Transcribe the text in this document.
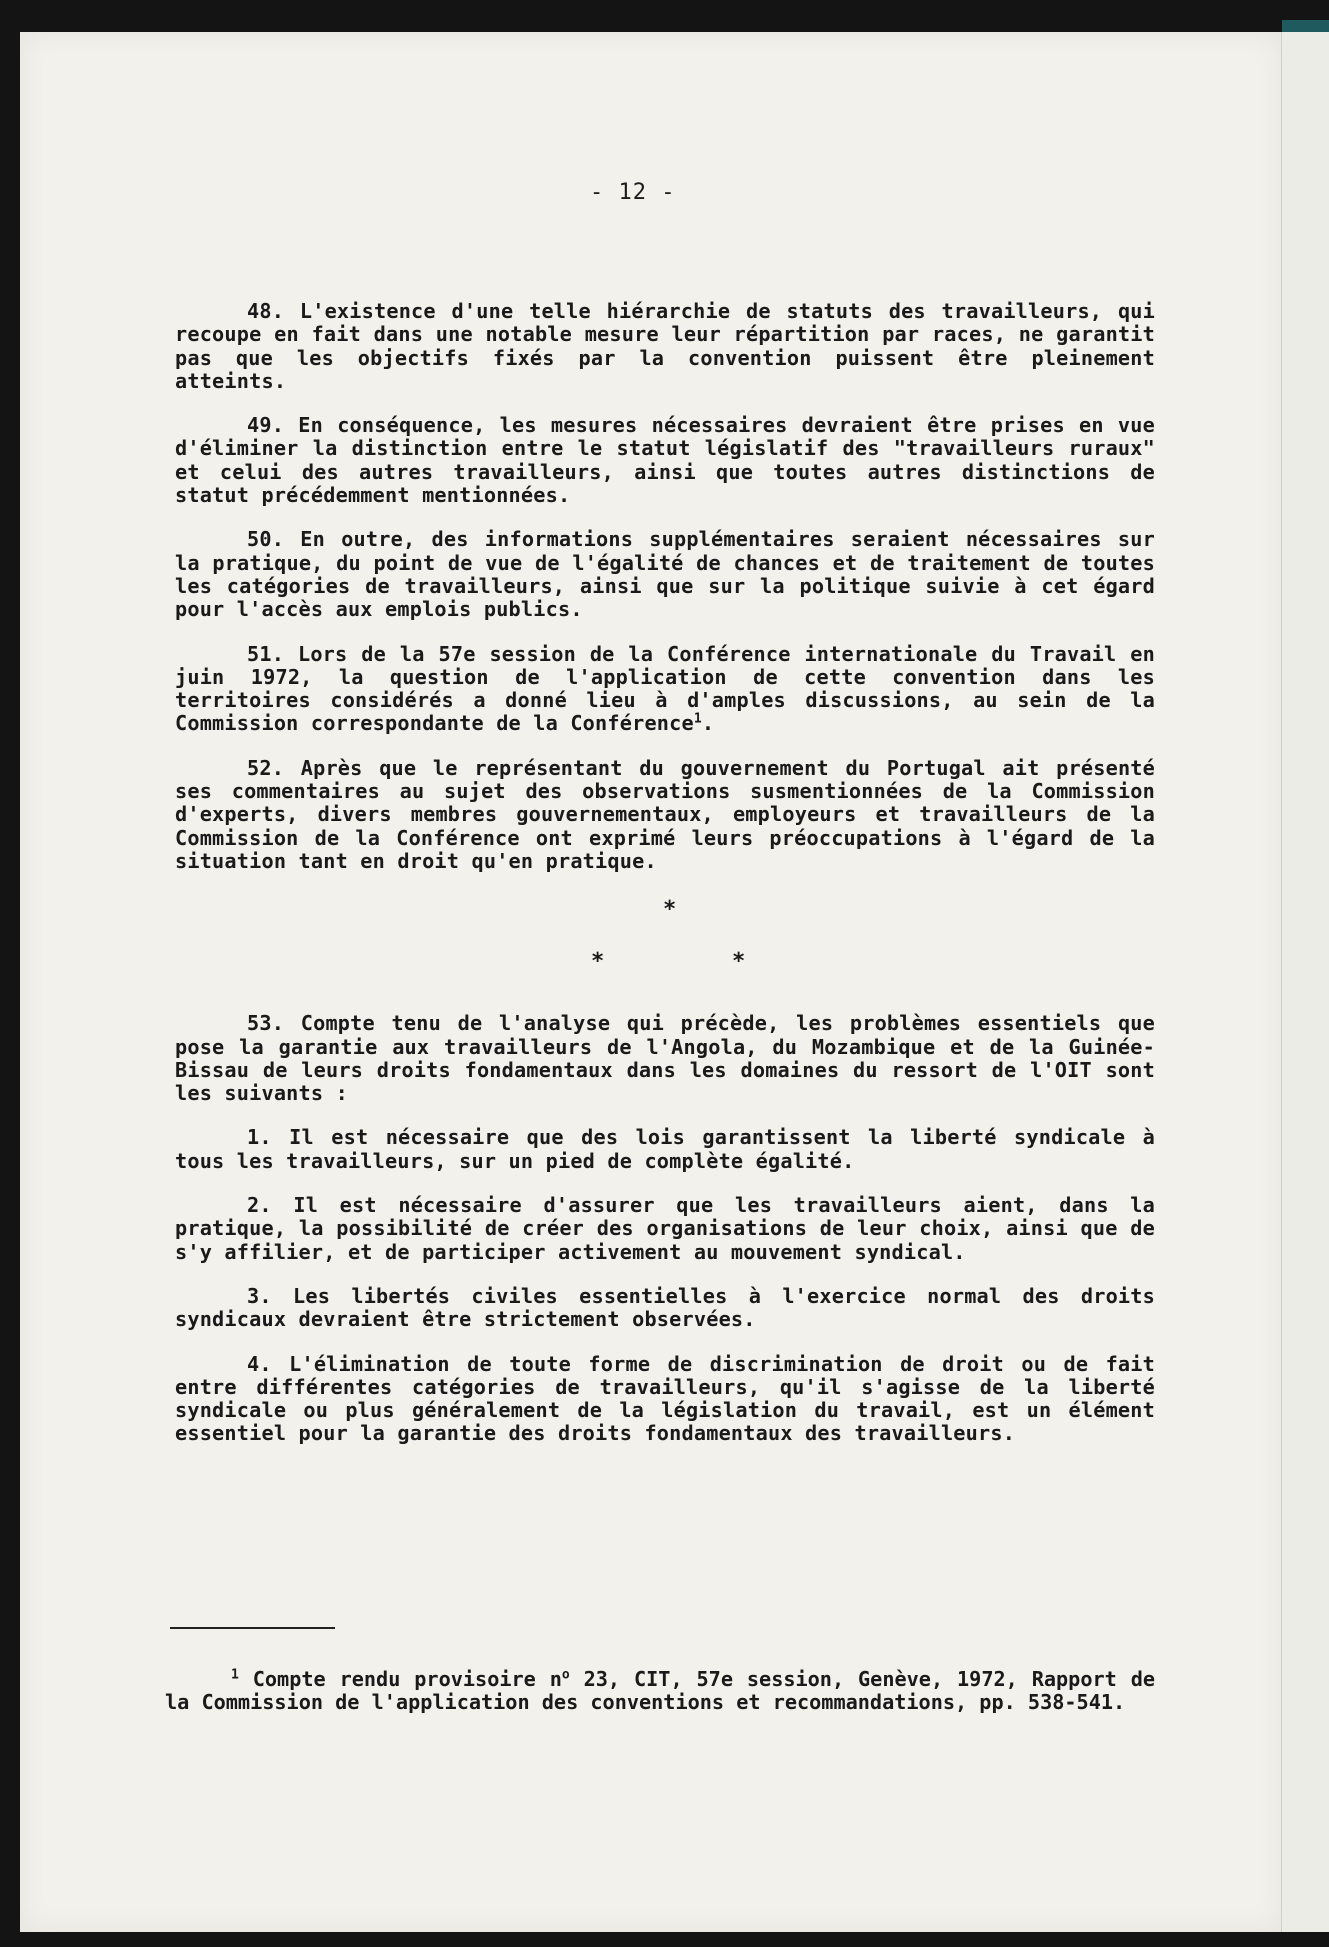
- 12 -

48. L'existence d'une telle hiérarchie de statuts des travailleurs, qui recoupe en fait dans une notable mesure leur répartition par races, ne garantit pas que les objectifs fixés par la convention puissent être pleinement atteints.

49. En conséquence, les mesures nécessaires devraient être prises en vue d'éliminer la distinction entre le statut législatif des "travailleurs ruraux" et celui des autres travailleurs, ainsi que toutes autres distinctions de statut précédemment mentionnées.

50. En outre, des informations supplémentaires seraient nécessaires sur la pratique, du point de vue de l'égalité de chances et de traitement de toutes les catégories de travailleurs, ainsi que sur la politique suivie à cet égard pour l'accès aux emplois publics.

51. Lors de la 57e session de la Conférence internationale du Travail en juin 1972, la question de l'application de cette convention dans les territoires considérés a donné lieu à d'amples discussions, au sein de la Commission correspondante de la Conférence$^1$.

52. Après que le représentant du gouvernement du Portugal ait présenté ses commentaires au sujet des observations susmentionnées de la Commission d'experts, divers membres gouvernementaux, employeurs et travailleurs de la Commission de la Conférence ont exprimé leurs préoccupations à l'égard de la situation tant en droit qu'en pratique.

*
*	*

53. Compte tenu de l'analyse qui précède, les problèmes essentiels que pose la garantie aux travailleurs de l'Angola, du Mozambique et de la Guinée-Bissau de leurs droits fondamentaux dans les domaines du ressort de l'OIT sont les suivants :

1. Il est nécessaire que des lois garantissent la liberté syndicale à tous les travailleurs, sur un pied de complète égalité.

2. Il est nécessaire d'assurer que les travailleurs aient, dans la pratique, la possibilité de créer des organisations de leur choix, ainsi que de s'y affilier, et de participer activement au mouvement syndical.

3. Les libertés civiles essentielles à l'exercice normal des droits syndicaux devraient être strictement observées.

4. L'élimination de toute forme de discrimination de droit ou de fait entre différentes catégories de travailleurs, qu'il s'agisse de la liberté syndicale ou plus généralement de la législation du travail, est un élément essentiel pour la garantie des droits fondamentaux des travailleurs.

$^1$ Compte rendu provisoire $n^o$ 23, CIT, 57e session, Genève, 1972, Rapport de la Commission de l'application des conventions et recommandations, pp. 538-541.
